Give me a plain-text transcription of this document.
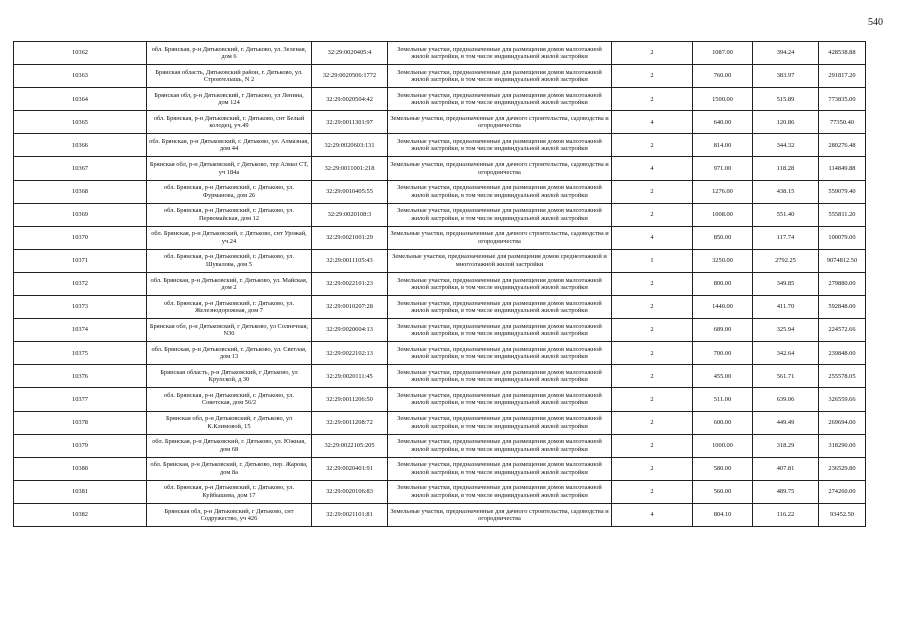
540
10362	обл. Брянская, р-н Дятьковский, г. Дятьково, ул. Зеленая, дом 6	32:29:0020405:4	Земельные участки, предназначенные для размещения домов малоэтажной жилой застройки, в том числе индивидуальной жилой застройки	2	1087.00	394.24	428538.88
10363	Брянская область, Дятьковский район, г. Дятьково, ул. Строителышь, N 2	32:29:0020506:1772	Земельные участки, предназначенные для размещения домов малоэтажной жилой застройки, в том числе индивидуальной жилой застройки	2	760.00	383.97	291817.20
10364	Брянская обл, р-н Дятьковский, г Дятьково, ул Ленина, дом 124	32:29:0020504:42	Земельные участки, предназначенные для размещения домов малоэтажной жилой застройки, в том числе индивидуальной жилой застройки	2	1500.00	515.89	773835.00
10365	обл. Брянская, р-н Дятьковский, г. Дятьково, снт Белый колодец, уч.49	32:29:0011301:97	Земельные участки, предназначенные для дачного строительства, садоводства и огородничества	4	640.00	120.86	77350.40
10366	обл. Брянская, р-н Дятьковский, г. Дятьково, ул. Алмазная, дом 44	32:29:0020603:131	Земельные участки, предназначенные для размещения домов малоэтажной жилой застройки, в том числе индивидуальной жилой застройки	2	814.00	344.32	280276.48
10367	Брянская обл, р-н Дятьковский, г Дятьково, тер Алмаз СТ, уч 184а	32:29:0011001:218	Земельные участки, предназначенные для дачного строительства, садоводства и огородничества	4	971.00	118.28	114849.88
10368	обл. Брянская, р-н Дятьковский, г. Дятьково, ул. Фурмановa, дом 26	32:29:0010405:55	Земельные участки, предназначенные для размещения домов малоэтажной жилой застройки, в том числе индивидуальной жилой застройки	2	1276.00	438.15	559079.40
10369	обл. Брянская, р-н Дятьковский, г. Дятьково, ул. Первомайская, дом 12	32:29:0020108:3	Земельные участки, предназначенные для размещения домов малоэтажной жилой застройки, в том числе индивидуальной жилой застройки	2	1008.00	551.40	555811.20
10370	обл. Брянская, р-н Дятьковский, г. Дятьково, снт Урожай, уч.24	32:29:0021001:29	Земельные участки, предназначенные для дачного строительства, садоводства и огородничества	4	850.00	117.74	100079.00
10371	обл. Брянская, р-н Дятьковский, г. Дятьково, ул. Шувалова, дом 5	32:29:0011105:43	Земельные участки, предназначенные для размещения домов среднеэтажной и многоэтажной жилой застройки	1	3250.00	2792.25	9074812.50
10372	обл. Брянская, р-н Дятьковский, г. Дятьково, ул. Майская, дом 2	32:29:0022101:23	Земельные участки, предназначенные для размещения домов малоэтажной жилой застройки, в том числе индивидуальной жилой застройки	2	800.00	349.85	279880.00
10373	обл. Брянская, р-н Дятьковский, г. Дятьково, ул. Железнодорожная, дом 7	32:29:0010207:28	Земельные участки, предназначенные для размещения домов малоэтажной жилой застройки, в том числе индивидуальной жилой застройки	2	1440.00	411.70	592848.00
10374	Брянская обл, р-н Дятьковский, г Дятьково, ул Солнечная, N30	32:29:0020604:13	Земельные участки, предназначенные для размещения домов малоэтажной жилой застройки, в том числе индивидуальной жилой застройки	2	689.00	325.94	224572.66
10375	обл. Брянская, р-н Дятьковский, г. Дятьково, ул. Светлая, дом 13	32:29:0022102:13	Земельные участки, предназначенные для размещения домов малоэтажной жилой застройки, в том числе индивидуальной жилой застройки	2	700.00	342.64	239848.00
10376	Брянская область, р-н Дятьковский, г Дятьково, ул Крупской, д 30	32:29:0020111:45	Земельные участки, предназначенные для размещения домов малоэтажной жилой застройки, в том числе индивидуальной жилой застройки	2	455.00	561.71	255578.05
10377	обл. Брянская, р-н Дятьковский, г. Дятьково, ул. Советская, дом 56/2	32:29:0011206:50	Земельные участки, предназначенные для размещения домов малоэтажной жилой застройки, в том числе индивидуальной жилой застройки	2	511.00	639.06	326559.66
10378	Брянская обл, р-н Дятьковский, г Дятьково, ул К.Климовой, 15	32:29:0011208:72	Земельные участки, предназначенные для размещения домов малоэтажной жилой застройки, в том числе индивидуальной жилой застройки	2	600.00	449.49	269694.00
10379	обл. Брянская, р-н Дятьковский, г. Дятьково, ул. Южная, дом 68	32:29:0022105:205	Земельные участки, предназначенные для размещения домов малоэтажной жилой застройки, в том числе индивидуальной жилой застройки	2	1000.00	318.29	318290.00
10380	обл. Брянская, р-н Дятьковский, г. Дятьково, пер. Жарова, дом 8а	32:29:0020401:91	Земельные участки, предназначенные для размещения домов малоэтажной жилой застройки, в том числе индивидуальной жилой застройки	2	580.00	407.81	236529.80
10381	обл. Брянская, р-н Дятьковский, г. Дятьково, ул. Куйбышева, дом 17	32:29:0020106:83	Земельные участки, предназначенные для размещения домов малоэтажной жилой застройки, в том числе индивидуальной жилой застройки	2	560.00	489.75	274260.00
10382	Брянская обл, р-н Дятьковский, г Дятьково, снт Содружество, уч 426	32:29:0021101:81	Земельные участки, предназначенные для дачного строительства, садоводства и огородничества	4	804.10	116.22	93452.50
